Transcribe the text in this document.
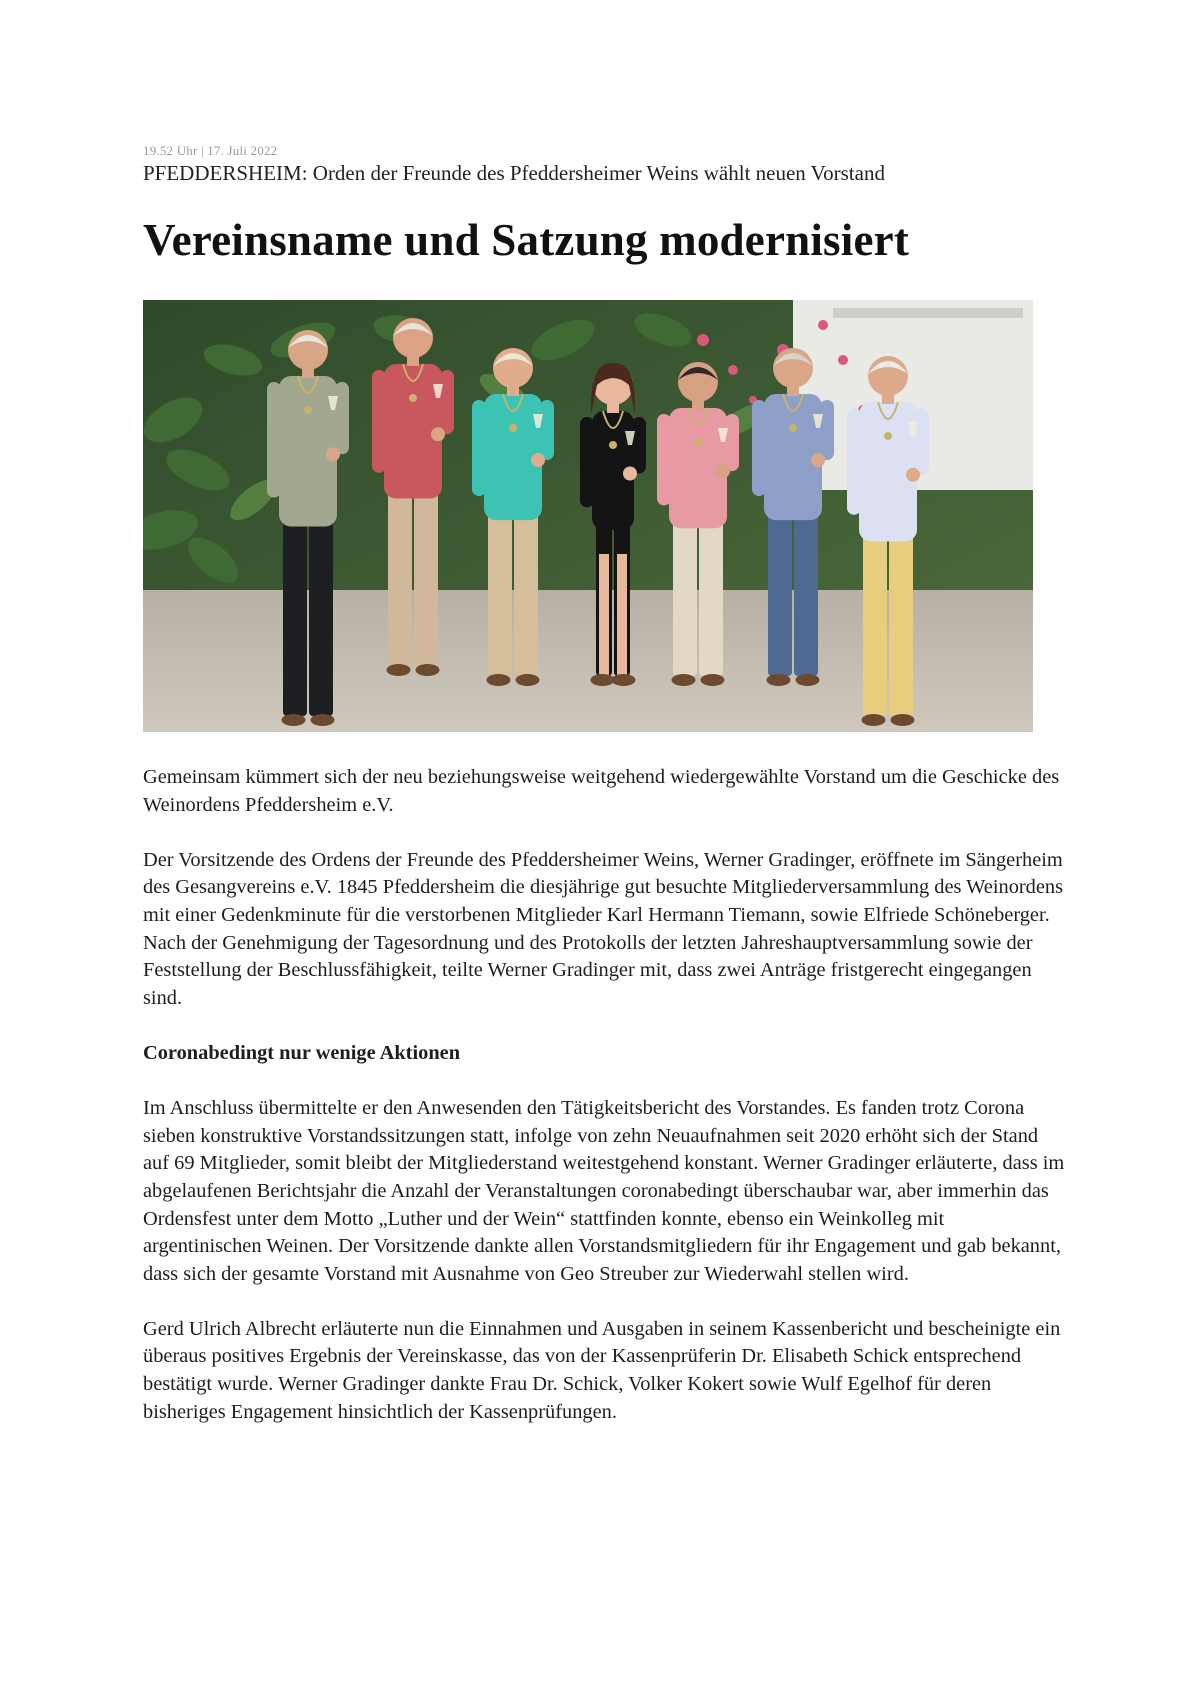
19.52 Uhr | 17. Juli 2022
PFEDDERSHEIM: Orden der Freunde des Pfeddersheimer Weins wählt neuen Vorstand
Vereinsname und Satzung modernisiert

Gemeinsam kümmert sich der neu beziehungsweise weitgehend wiedergewählte Vorstand um die Geschicke des Weinordens Pfeddersheim e.V.

Der Vorsitzende des Ordens der Freunde des Pfeddersheimer Weins, Werner Gradinger, eröffnete im Sängerheim des Gesangvereins e.V. 1845 Pfeddersheim die diesjährige gut besuchte Mitgliederversammlung des Weinordens mit einer Gedenkminute für die verstorbenen Mitglieder Karl Hermann Tiemann, sowie Elfriede Schöneberger. Nach der Genehmigung der Tagesordnung und des Protokolls der letzten Jahreshauptversammlung sowie der Feststellung der Beschlussfähigkeit, teilte Werner Gradinger mit, dass zwei Anträge fristgerecht eingegangen sind.

Coronabedingt nur wenige Aktionen

Im Anschluss übermittelte er den Anwesenden den Tätigkeitsbericht des Vorstandes. Es fanden trotz Corona sieben konstruktive Vorstandssitzungen statt, infolge von zehn Neuaufnahmen seit 2020 erhöht sich der Stand auf 69 Mitglieder, somit bleibt der Mitgliederstand weitestgehend konstant. Werner Gradinger erläuterte, dass im abgelaufenen Berichtsjahr die Anzahl der Veranstaltungen coronabedingt überschaubar war, aber immerhin das Ordensfest unter dem Motto „Luther und der Wein“ stattfinden konnte, ebenso ein Weinkolleg mit argentinischen Weinen. Der Vorsitzende dankte allen Vorstandsmitgliedern für ihr Engagement und gab bekannt, dass sich der gesamte Vorstand mit Ausnahme von Geo Streuber zur Wiederwahl stellen wird.

Gerd Ulrich Albrecht erläuterte nun die Einnahmen und Ausgaben in seinem Kassenbericht und bescheinigte ein überaus positives Ergebnis der Vereinskasse, das von der Kassenprüferin Dr. Elisabeth Schick entsprechend bestätigt wurde. Werner Gradinger dankte Frau Dr. Schick, Volker Kokert sowie Wulf Egelhof für deren bisheriges Engagement hinsichtlich der Kassenprüfungen.
